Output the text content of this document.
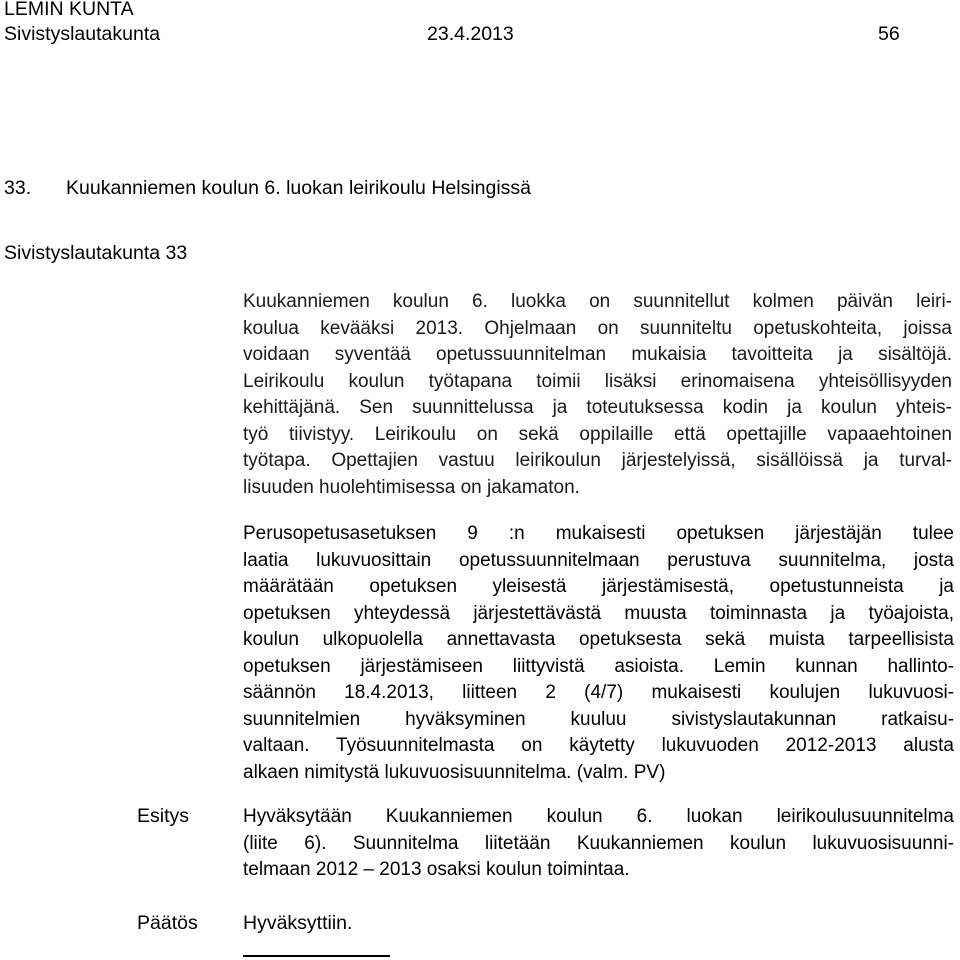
LEMIN KUNTA
Sivistyslautakunta	23.4.2013	56
33. Kuukanniemen koulun 6. luokan leirikoulu Helsingissä
Sivistyslautakunta 33
Kuukanniemen koulun 6. luokka on suunnitellut kolmen päivän leiri-
koulua kevääksi 2013. Ohjelmaan on suunniteltu opetuskohteita, joissa
voidaan syventää opetussuunnitelman mukaisia tavoitteita ja sisältöjä.
Leirikoulu koulun työtapana toimii lisäksi erinomaisena yhteisöllisyyden
kehittäjänä. Sen suunnittelussa ja toteutuksessa kodin ja koulun yhteis-
työ tiivistyy. Leirikoulu on sekä oppilaille että opettajille vapaaehtoinen
työtapa. Opettajien vastuu leirikoulun järjestelyissä, sisällöissä ja turval-
lisuuden huolehtimisessa on jakamaton.
Perusopetusasetuksen 9 :n mukaisesti opetuksen järjestäjän tulee
laatia lukuvuosittain opetussuunnitelmaan perustuva suunnitelma, josta
määrätään opetuksen yleisestä järjestämisestä, opetustunneista ja
opetuksen yhteydessä järjestettävästä muusta toiminnasta ja työajoista,
koulun ulkopuolella annettavasta opetuksesta sekä muista tarpeellisista
opetuksen järjestämiseen liittyvistä asioista. Lemin kunnan hallinto-
säännön 18.4.2013, liitteen 2 (4/7) mukaisesti koulujen lukuvuosi-
suunnitelmien hyväksyminen kuuluu sivistyslautakunnan ratkaisu-
valtaan. Työsuunnitelmasta on käytetty lukuvuoden 2012-2013 alusta
alkaen nimitystä lukuvuosisuunnitelma. (valm. PV)
Esitys	Hyväksytään Kuukanniemen koulun 6. luokan leirikoulusuunnitelma
(liite 6). Suunnitelma liitetään Kuukanniemen koulun lukuvuosisuunni-
telmaan 2012 – 2013 osaksi koulun toimintaa.
Päätös Hyväksyttiin.
